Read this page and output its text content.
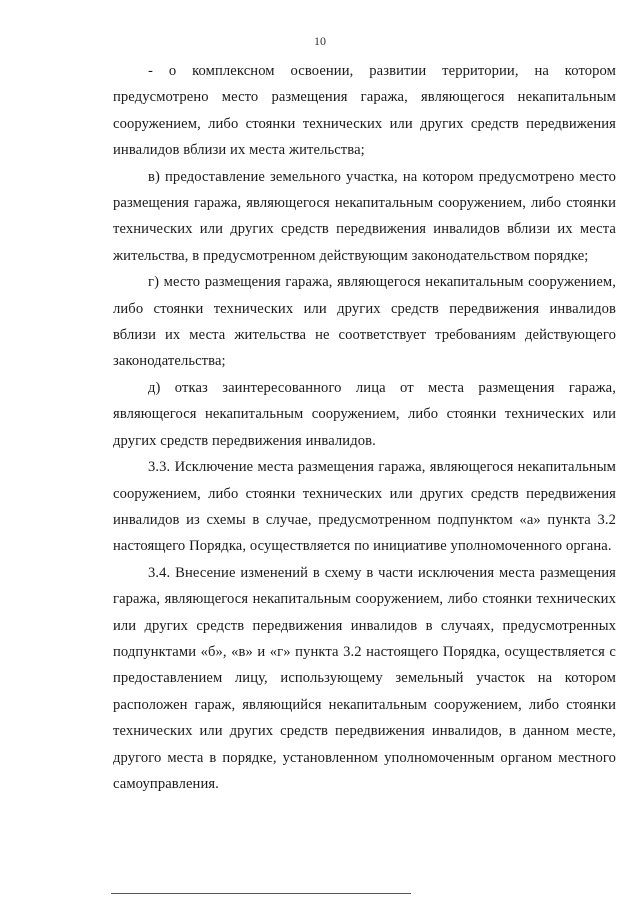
10

- о комплексном освоении, развитии территории, на котором предусмотрено место размещения гаража, являющегося некапитальным сооружением, либо стоянки технических или других средств передвижения инвалидов вблизи их места жительства;

в) предоставление земельного участка, на котором предусмотрено место размещения гаража, являющегося некапитальным сооружением, либо стоянки технических или других средств передвижения инвалидов вблизи их места жительства, в предусмотренном действующим законодательством порядке;

г) место размещения гаража, являющегося некапитальным сооружением, либо стоянки технических или других средств передвижения инвалидов вблизи их места жительства не соответствует требованиям действующего законодательства;

д) отказ заинтересованного лица от места размещения гаража, являющегося некапитальным сооружением, либо стоянки технических или других средств передвижения инвалидов.

3.3. Исключение места размещения гаража, являющегося некапитальным сооружением, либо стоянки технических или других средств передвижения инвалидов из схемы в случае, предусмотренном подпунктом «а» пункта 3.2 настоящего Порядка, осуществляется по инициативе уполномоченного органа.

3.4. Внесение изменений в схему в части исключения места размещения гаража, являющегося некапитальным сооружением, либо стоянки технических или других средств передвижения инвалидов в случаях, предусмотренных подпунктами «б», «в» и «г» пункта 3.2 настоящего Порядка, осуществляется с предоставлением лицу, использующему земельный участок на котором расположен гараж, являющийся некапитальным сооружением, либо стоянки технических или других средств передвижения инвалидов, в данном месте, другого места в порядке, установленном уполномоченным органом местного самоуправления.
